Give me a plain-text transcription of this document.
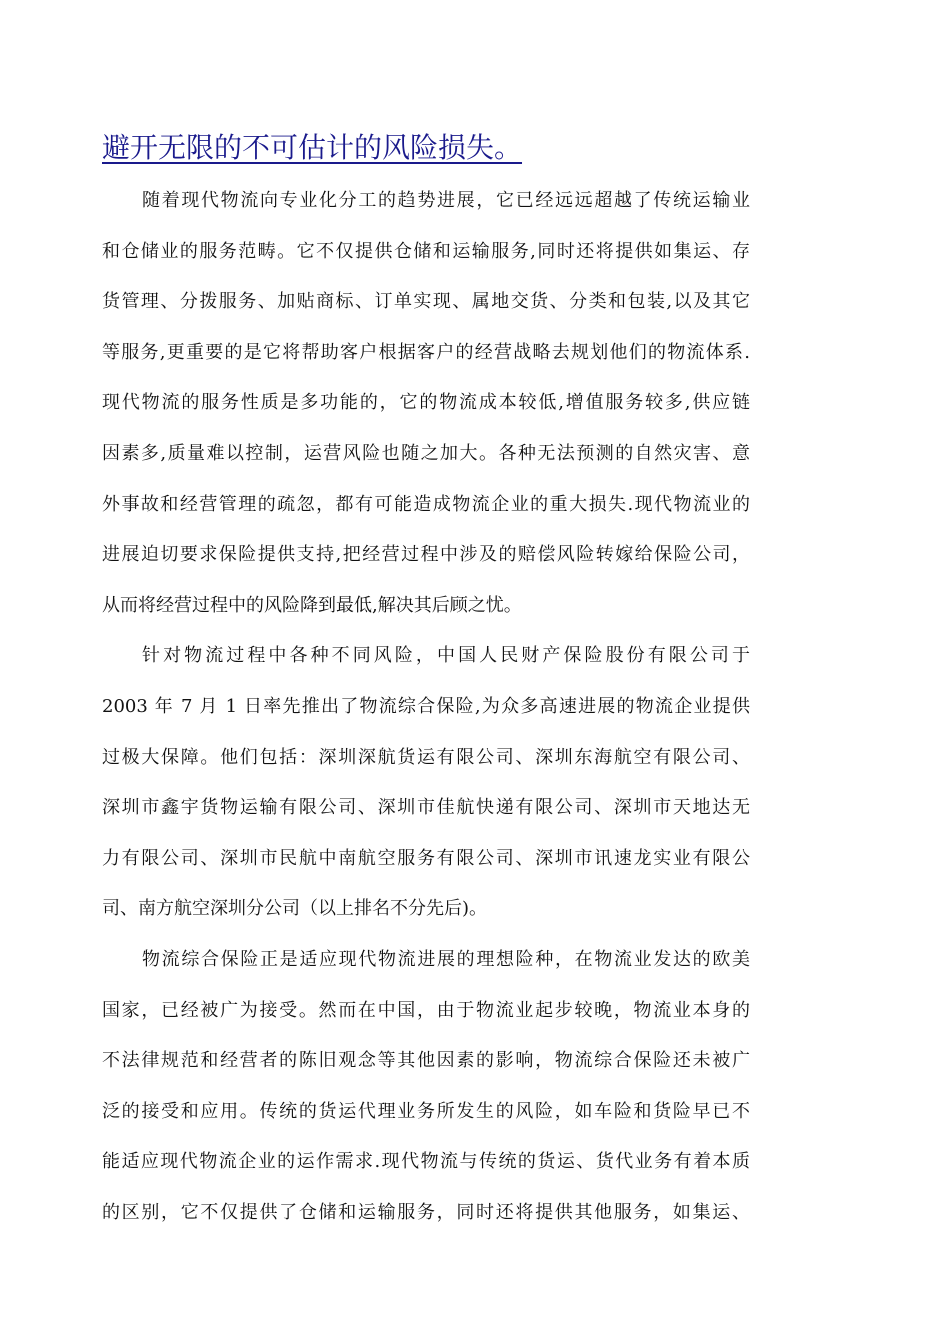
避开无限的不可估计的风险损失。

随着现代物流向专业化分工的趋势进展，它已经远远超越了传统运输业
和仓储业的服务范畴。它不仅提供仓储和运输服务,同时还将提供如集运、存
货管理、分拨服务、加贴商标、订单实现、属地交货、分类和包装,以及其它
等服务,更重要的是它将帮助客户根据客户的经营战略去规划他们的物流体系.
现代物流的服务性质是多功能的，它的物流成本较低,增值服务较多,供应链
因素多,质量难以控制，运营风险也随之加大。各种无法预测的自然灾害、意
外事故和经营管理的疏忽，都有可能造成物流企业的重大损失.现代物流业的
进展迫切要求保险提供支持,把经营过程中涉及的赔偿风险转嫁给保险公司，
从而将经营过程中的风险降到最低,解决其后顾之忧。

针对物流过程中各种不同风险，中国人民财产保险股份有限公司于
2003 年 7 月 1 日率先推出了物流综合保险,为众多高速进展的物流企业提供
过极大保障。他们包括：深圳深航货运有限公司、深圳东海航空有限公司、
深圳市鑫宇货物运输有限公司、深圳市佳航快递有限公司、深圳市天地达无
力有限公司、深圳市民航中南航空服务有限公司、深圳市讯速龙实业有限公
司、南方航空深圳分公司（以上排名不分先后)。

物流综合保险正是适应现代物流进展的理想险种，在物流业发达的欧美
国家，已经被广为接受。然而在中国，由于物流业起步较晚，物流业本身的
不法律规范和经营者的陈旧观念等其他因素的影响，物流综合保险还未被广
泛的接受和应用。传统的货运代理业务所发生的风险，如车险和货险早已不
能适应现代物流企业的运作需求.现代物流与传统的货运、货代业务有着本质
的区别，它不仅提供了仓储和运输服务，同时还将提供其他服务，如集运、
